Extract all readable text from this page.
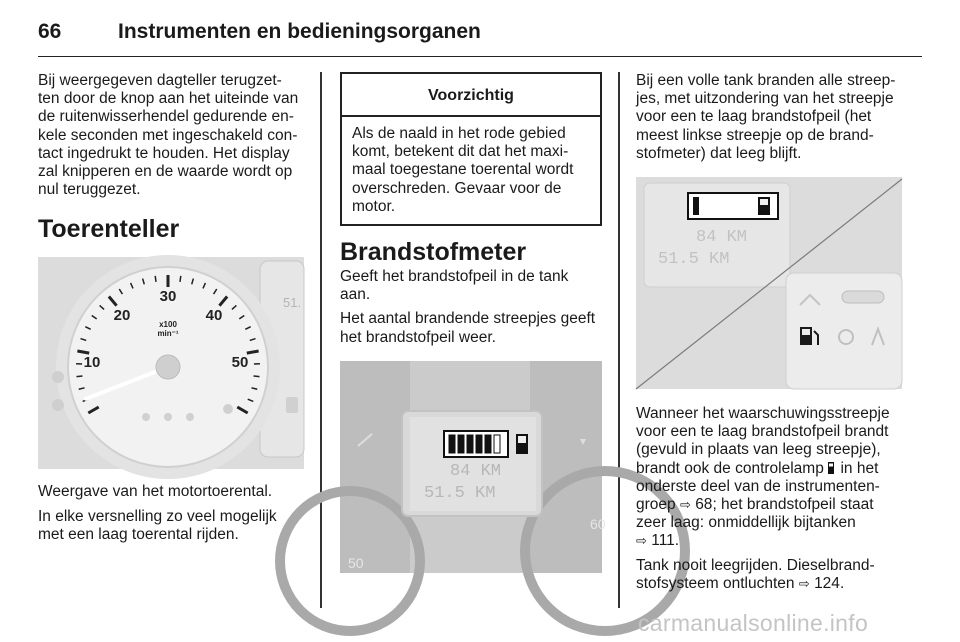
66	Instrumenten en bedieningsorganen

Bij weergegeven dagteller terugzet- ten door de knop aan het uiteinde van de ruitenwisserhendel gedurende en- kele seconden met ingeschakeld con- tact ingedrukt te houden. Het display zal knipperen en de waarde wordt op nul teruggezet.

Toerenteller
51.
10
20
30
40
50
x100
min⁻¹

Weergave van het motortoerental.

In elke versnelling zo veel mogelijk met een laag toerental rijden.

Voorzichtig

Als de naald in het rode gebied komt, betekent dit dat het maxi- maal toegestane toerental wordt overschreden. Gevaar voor de motor.

Brandstofmeter

Geeft het brandstofpeil in de tank aan.

Het aantal brandende streepjes geeft het brandstofpeil weer.

60
50
84 KM
51.5 KM

Bij een volle tank branden alle streep- jes, met uitzondering van het streepje voor een te laag brandstofpeil (het meest linkse streepje op de brand- stofmeter) dat leeg blijft.

84 KM
51.5 KM

Wanneer het waarschuwingsstreepje voor een te laag brandstofpeil brandt (gevuld in plaats van leeg streepje), brandt ook de controlelamp in het onderste deel van de instrumenten- groep ⇨ 68; het brandstofpeil staat zeer laag: onmiddellijk bijtanken
⇨ 111.

Tank nooit leegrijden. Dieselbrand- stofsysteem ontluchten ⇨ 124.

carmanualsonline.info
